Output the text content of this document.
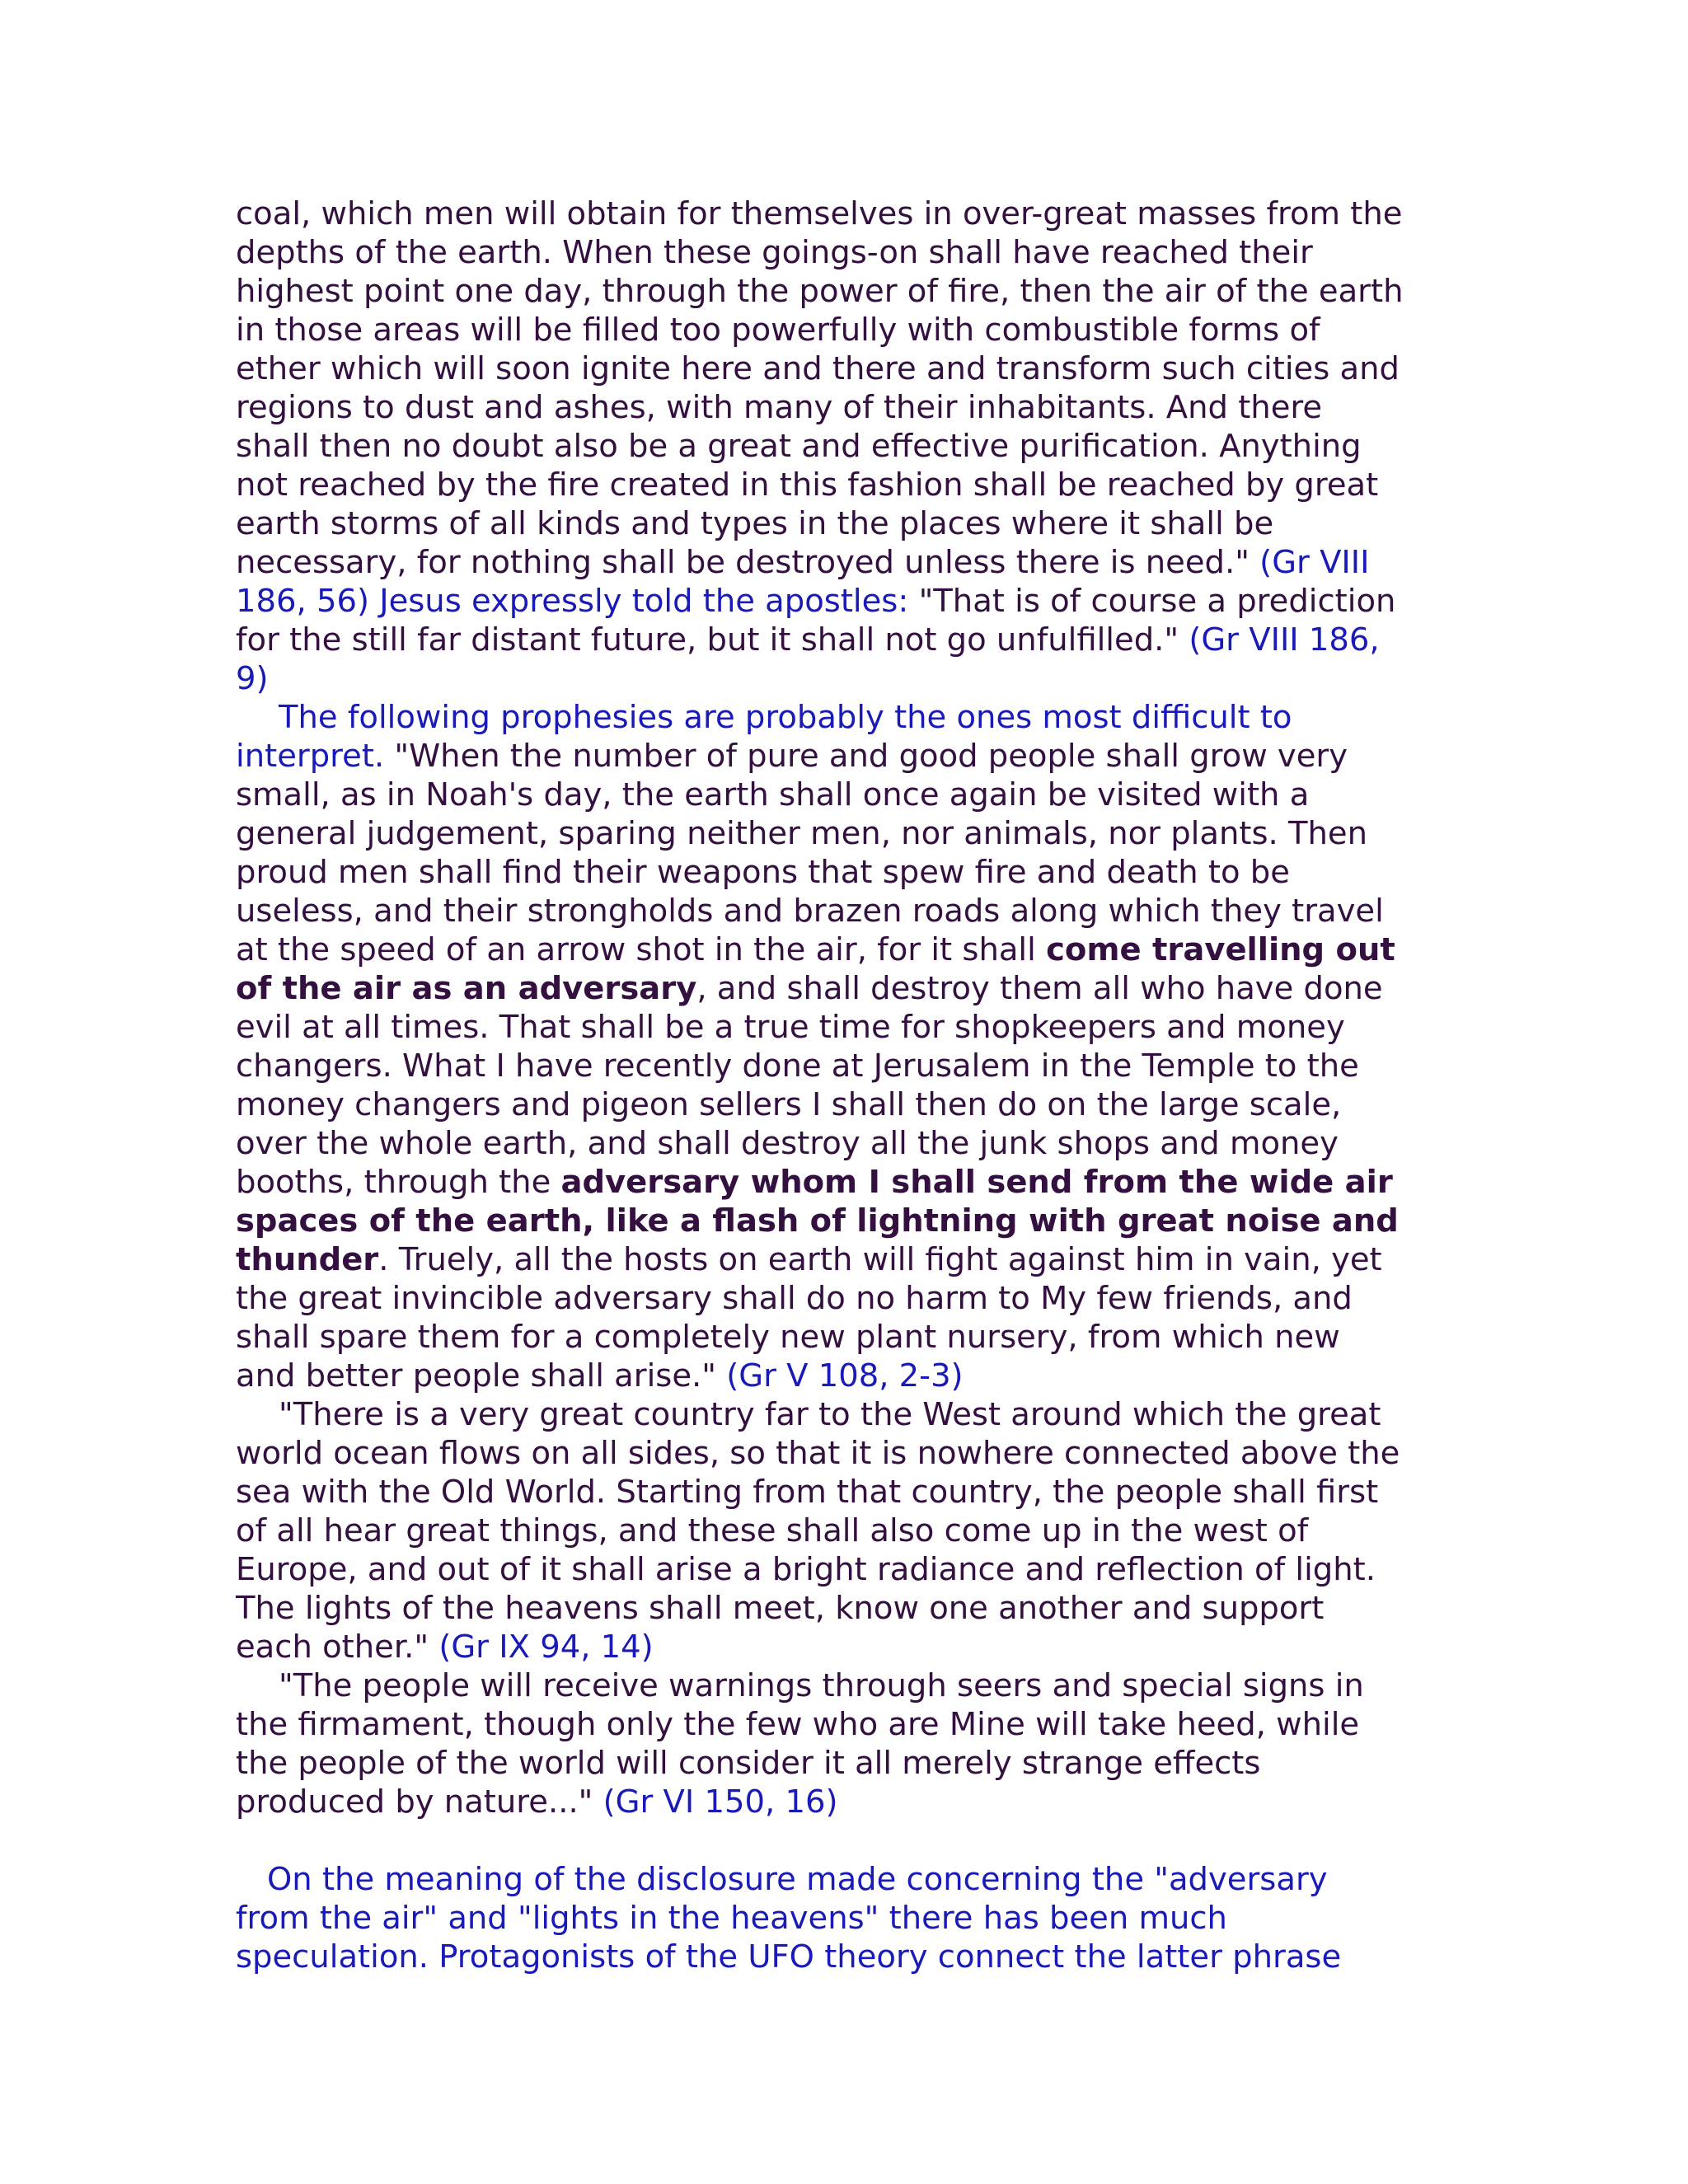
coal, which men will obtain for themselves in over-great masses from the
depths of the earth. When these goings-on shall have reached their
highest point one day, through the power of fire, then the air of the earth
in those areas will be filled too powerfully with combustible forms of
ether which will soon ignite here and there and transform such cities and
regions to dust and ashes, with many of their inhabitants. And there
shall then no doubt also be a great and effective purification. Anything
not reached by the fire created in this fashion shall be reached by great
earth storms of all kinds and types in the places where it shall be
necessary, for nothing shall be destroyed unless there is need." (Gr VIII
186, 56) Jesus expressly told the apostles: "That is of course a prediction
for the still far distant future, but it shall not go unfulfilled." (Gr VIII 186,
9)
The following prophesies are probably the ones most difficult to
interpret. "When the number of pure and good people shall grow very
small, as in Noah's day, the earth shall once again be visited with a
general judgement, sparing neither men, nor animals, nor plants. Then
proud men shall find their weapons that spew fire and death to be
useless, and their strongholds and brazen roads along which they travel
at the speed of an arrow shot in the air, for it shall come travelling out
of the air as an adversary, and shall destroy them all who have done
evil at all times. That shall be a true time for shopkeepers and money
changers. What I have recently done at Jerusalem in the Temple to the
money changers and pigeon sellers I shall then do on the large scale,
over the whole earth, and shall destroy all the junk shops and money
booths, through the adversary whom I shall send from the wide air
spaces of the earth, like a flash of lightning with great noise and
thunder. Truely, all the hosts on earth will fight against him in vain, yet
the great invincible adversary shall do no harm to My few friends, and
shall spare them for a completely new plant nursery, from which new
and better people shall arise." (Gr V 108, 2-3)
"There is a very great country far to the West around which the great
world ocean flows on all sides, so that it is nowhere connected above the
sea with the Old World. Starting from that country, the people shall first
of all hear great things, and these shall also come up in the west of
Europe, and out of it shall arise a bright radiance and reflection of light.
The lights of the heavens shall meet, know one another and support
each other." (Gr IX 94, 14)
"The people will receive warnings through seers and special signs in
the firmament, though only the few who are Mine will take heed, while
the people of the world will consider it all merely strange effects
produced by nature..." (Gr VI 150, 16)
On the meaning of the disclosure made concerning the "adversary
from the air" and "lights in the heavens" there has been much
speculation. Protagonists of the UFO theory connect the latter phrase
